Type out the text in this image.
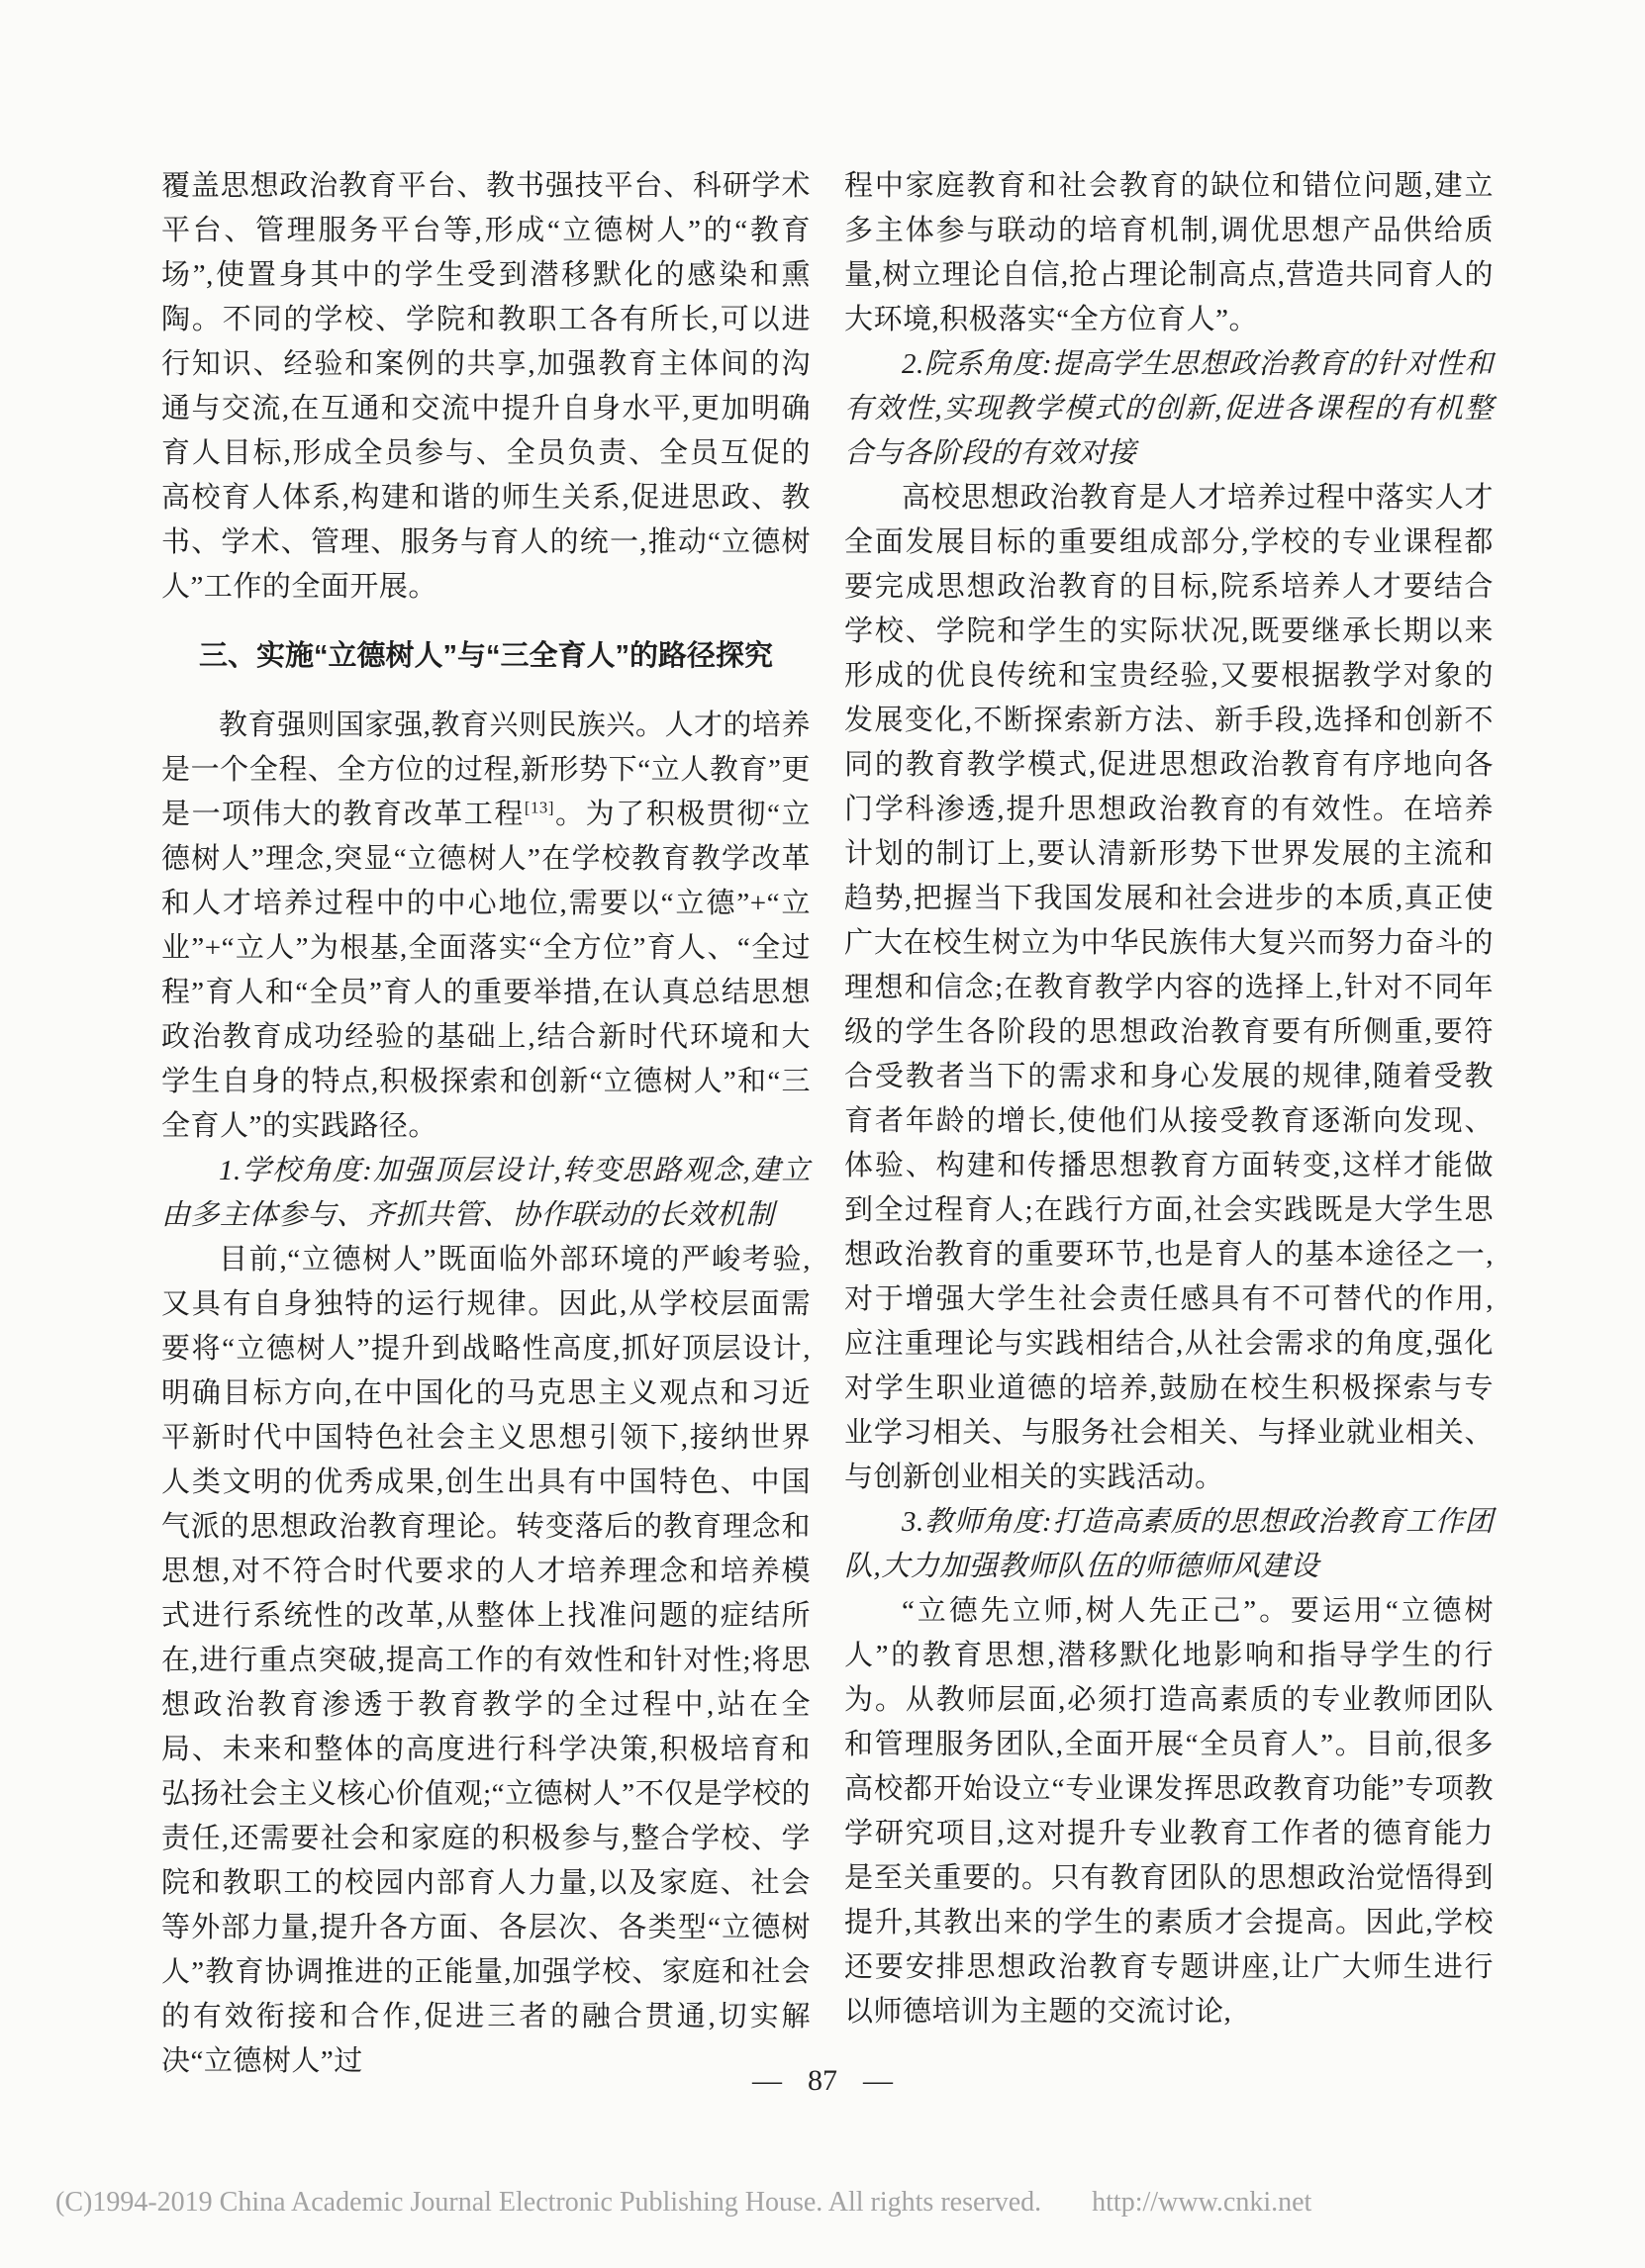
覆盖思想政治教育平台、教书强技平台、科研学术平台、管理服务平台等,形成“立德树人”的“教育场”,使置身其中的学生受到潜移默化的感染和熏陶。不同的学校、学院和教职工各有所长,可以进行知识、经验和案例的共享,加强教育主体间的沟通与交流,在互通和交流中提升自身水平,更加明确育人目标,形成全员参与、全员负责、全员互促的高校育人体系,构建和谐的师生关系,促进思政、教书、学术、管理、服务与育人的统一,推动“立德树人”工作的全面开展。

三、实施“立德树人”与“三全育人”的路径探究

教育强则国家强,教育兴则民族兴。人才的培养是一个全程、全方位的过程,新形势下“立人教育”更是一项伟大的教育改革工程[13]。为了积极贯彻“立德树人”理念,突显“立德树人”在学校教育教学改革和人才培养过程中的中心地位,需要以“立德”+“立业”+“立人”为根基,全面落实“全方位”育人、“全过程”育人和“全员”育人的重要举措,在认真总结思想政治教育成功经验的基础上,结合新时代环境和大学生自身的特点,积极探索和创新“立德树人”和“三全育人”的实践路径。

1.学校角度:加强顶层设计,转变思路观念,建立由多主体参与、齐抓共管、协作联动的长效机制

目前,“立德树人”既面临外部环境的严峻考验,又具有自身独特的运行规律。因此,从学校层面需要将“立德树人”提升到战略性高度,抓好顶层设计,明确目标方向,在中国化的马克思主义观点和习近平新时代中国特色社会主义思想引领下,接纳世界人类文明的优秀成果,创生出具有中国特色、中国气派的思想政治教育理论。转变落后的教育理念和思想,对不符合时代要求的人才培养理念和培养模式进行系统性的改革,从整体上找准问题的症结所在,进行重点突破,提高工作的有效性和针对性;将思想政治教育渗透于教育教学的全过程中,站在全局、未来和整体的高度进行科学决策,积极培育和弘扬社会主义核心价值观;“立德树人”不仅是学校的责任,还需要社会和家庭的积极参与,整合学校、学院和教职工的校园内部育人力量,以及家庭、社会等外部力量,提升各方面、各层次、各类型“立德树人”教育协调推进的正能量,加强学校、家庭和社会的有效衔接和合作,促进三者的融合贯通,切实解决“立德树人”过

程中家庭教育和社会教育的缺位和错位问题,建立多主体参与联动的培育机制,调优思想产品供给质量,树立理论自信,抢占理论制高点,营造共同育人的大环境,积极落实“全方位育人”。

2.院系角度:提高学生思想政治教育的针对性和有效性,实现教学模式的创新,促进各课程的有机整合与各阶段的有效对接

高校思想政治教育是人才培养过程中落实人才全面发展目标的重要组成部分,学校的专业课程都要完成思想政治教育的目标,院系培养人才要结合学校、学院和学生的实际状况,既要继承长期以来形成的优良传统和宝贵经验,又要根据教学对象的发展变化,不断探索新方法、新手段,选择和创新不同的教育教学模式,促进思想政治教育有序地向各门学科渗透,提升思想政治教育的有效性。在培养计划的制订上,要认清新形势下世界发展的主流和趋势,把握当下我国发展和社会进步的本质,真正使广大在校生树立为中华民族伟大复兴而努力奋斗的理想和信念;在教育教学内容的选择上,针对不同年级的学生各阶段的思想政治教育要有所侧重,要符合受教者当下的需求和身心发展的规律,随着受教育者年龄的增长,使他们从接受教育逐渐向发现、体验、构建和传播思想教育方面转变,这样才能做到全过程育人;在践行方面,社会实践既是大学生思想政治教育的重要环节,也是育人的基本途径之一,对于增强大学生社会责任感具有不可替代的作用,应注重理论与实践相结合,从社会需求的角度,强化对学生职业道德的培养,鼓励在校生积极探索与专业学习相关、与服务社会相关、与择业就业相关、与创新创业相关的实践活动。

3.教师角度:打造高素质的思想政治教育工作团队,大力加强教师队伍的师德师风建设

“立德先立师,树人先正己”。要运用“立德树人”的教育思想,潜移默化地影响和指导学生的行为。从教师层面,必须打造高素质的专业教师团队和管理服务团队,全面开展“全员育人”。目前,很多高校都开始设立“专业课发挥思政教育功能”专项教学研究项目,这对提升专业教育工作者的德育能力是至关重要的。只有教育团队的思想政治觉悟得到提升,其教出来的学生的素质才会提高。因此,学校还要安排思想政治教育专题讲座,让广大师生进行以师德培训为主题的交流讨论,

— 87 —
(C)1994-2019 China Academic Journal Electronic Publishing House. All rights reserved. http://www.cnki.net
